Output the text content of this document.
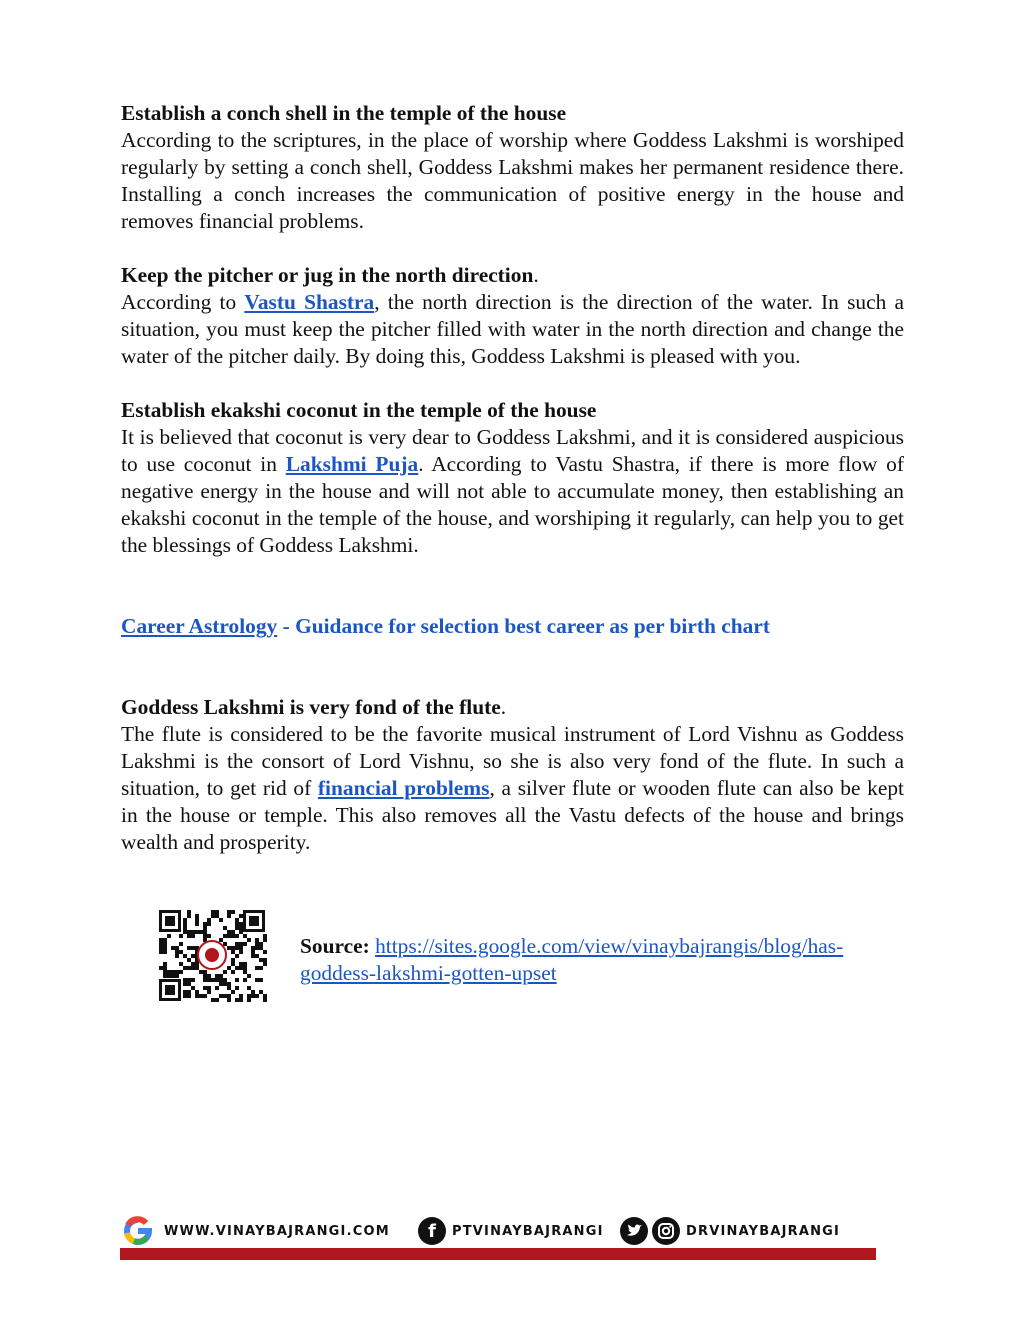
Establish a conch shell in the temple of the house
According to the scriptures, in the place of worship where Goddess Lakshmi is worshiped regularly by setting a conch shell, Goddess Lakshmi makes her permanent residence there. Installing a conch increases the communication of positive energy in the house and removes financial problems.
Keep the pitcher or jug in the north direction.
According to Vastu Shastra, the north direction is the direction of the water. In such a situation, you must keep the pitcher filled with water in the north direction and change the water of the pitcher daily. By doing this, Goddess Lakshmi is pleased with you.
Establish ekakshi coconut in the temple of the house
It is believed that coconut is very dear to Goddess Lakshmi, and it is considered auspicious to use coconut in Lakshmi Puja. According to Vastu Shastra, if there is more flow of negative energy in the house and will not able to accumulate money, then establishing an ekakshi coconut in the temple of the house, and worshiping it regularly, can help you to get the blessings of Goddess Lakshmi.
Career Astrology - Guidance for selection best career as per birth chart
Goddess Lakshmi is very fond of the flute.
The flute is considered to be the favorite musical instrument of Lord Vishnu as Goddess Lakshmi is the consort of Lord Vishnu, so she is also very fond of the flute. In such a situation, to get rid of financial problems, a silver flute or wooden flute can also be kept in the house or temple. This also removes all the Vastu defects of the house and brings wealth and prosperity.
Source: https://sites.google.com/view/vinaybajrangis/blog/has-goddess-lakshmi-gotten-upset
WWW.VINAYBAJRANGI.COM	f	PTVINAYBAJRANGI	DRVINAYBAJRANGI
